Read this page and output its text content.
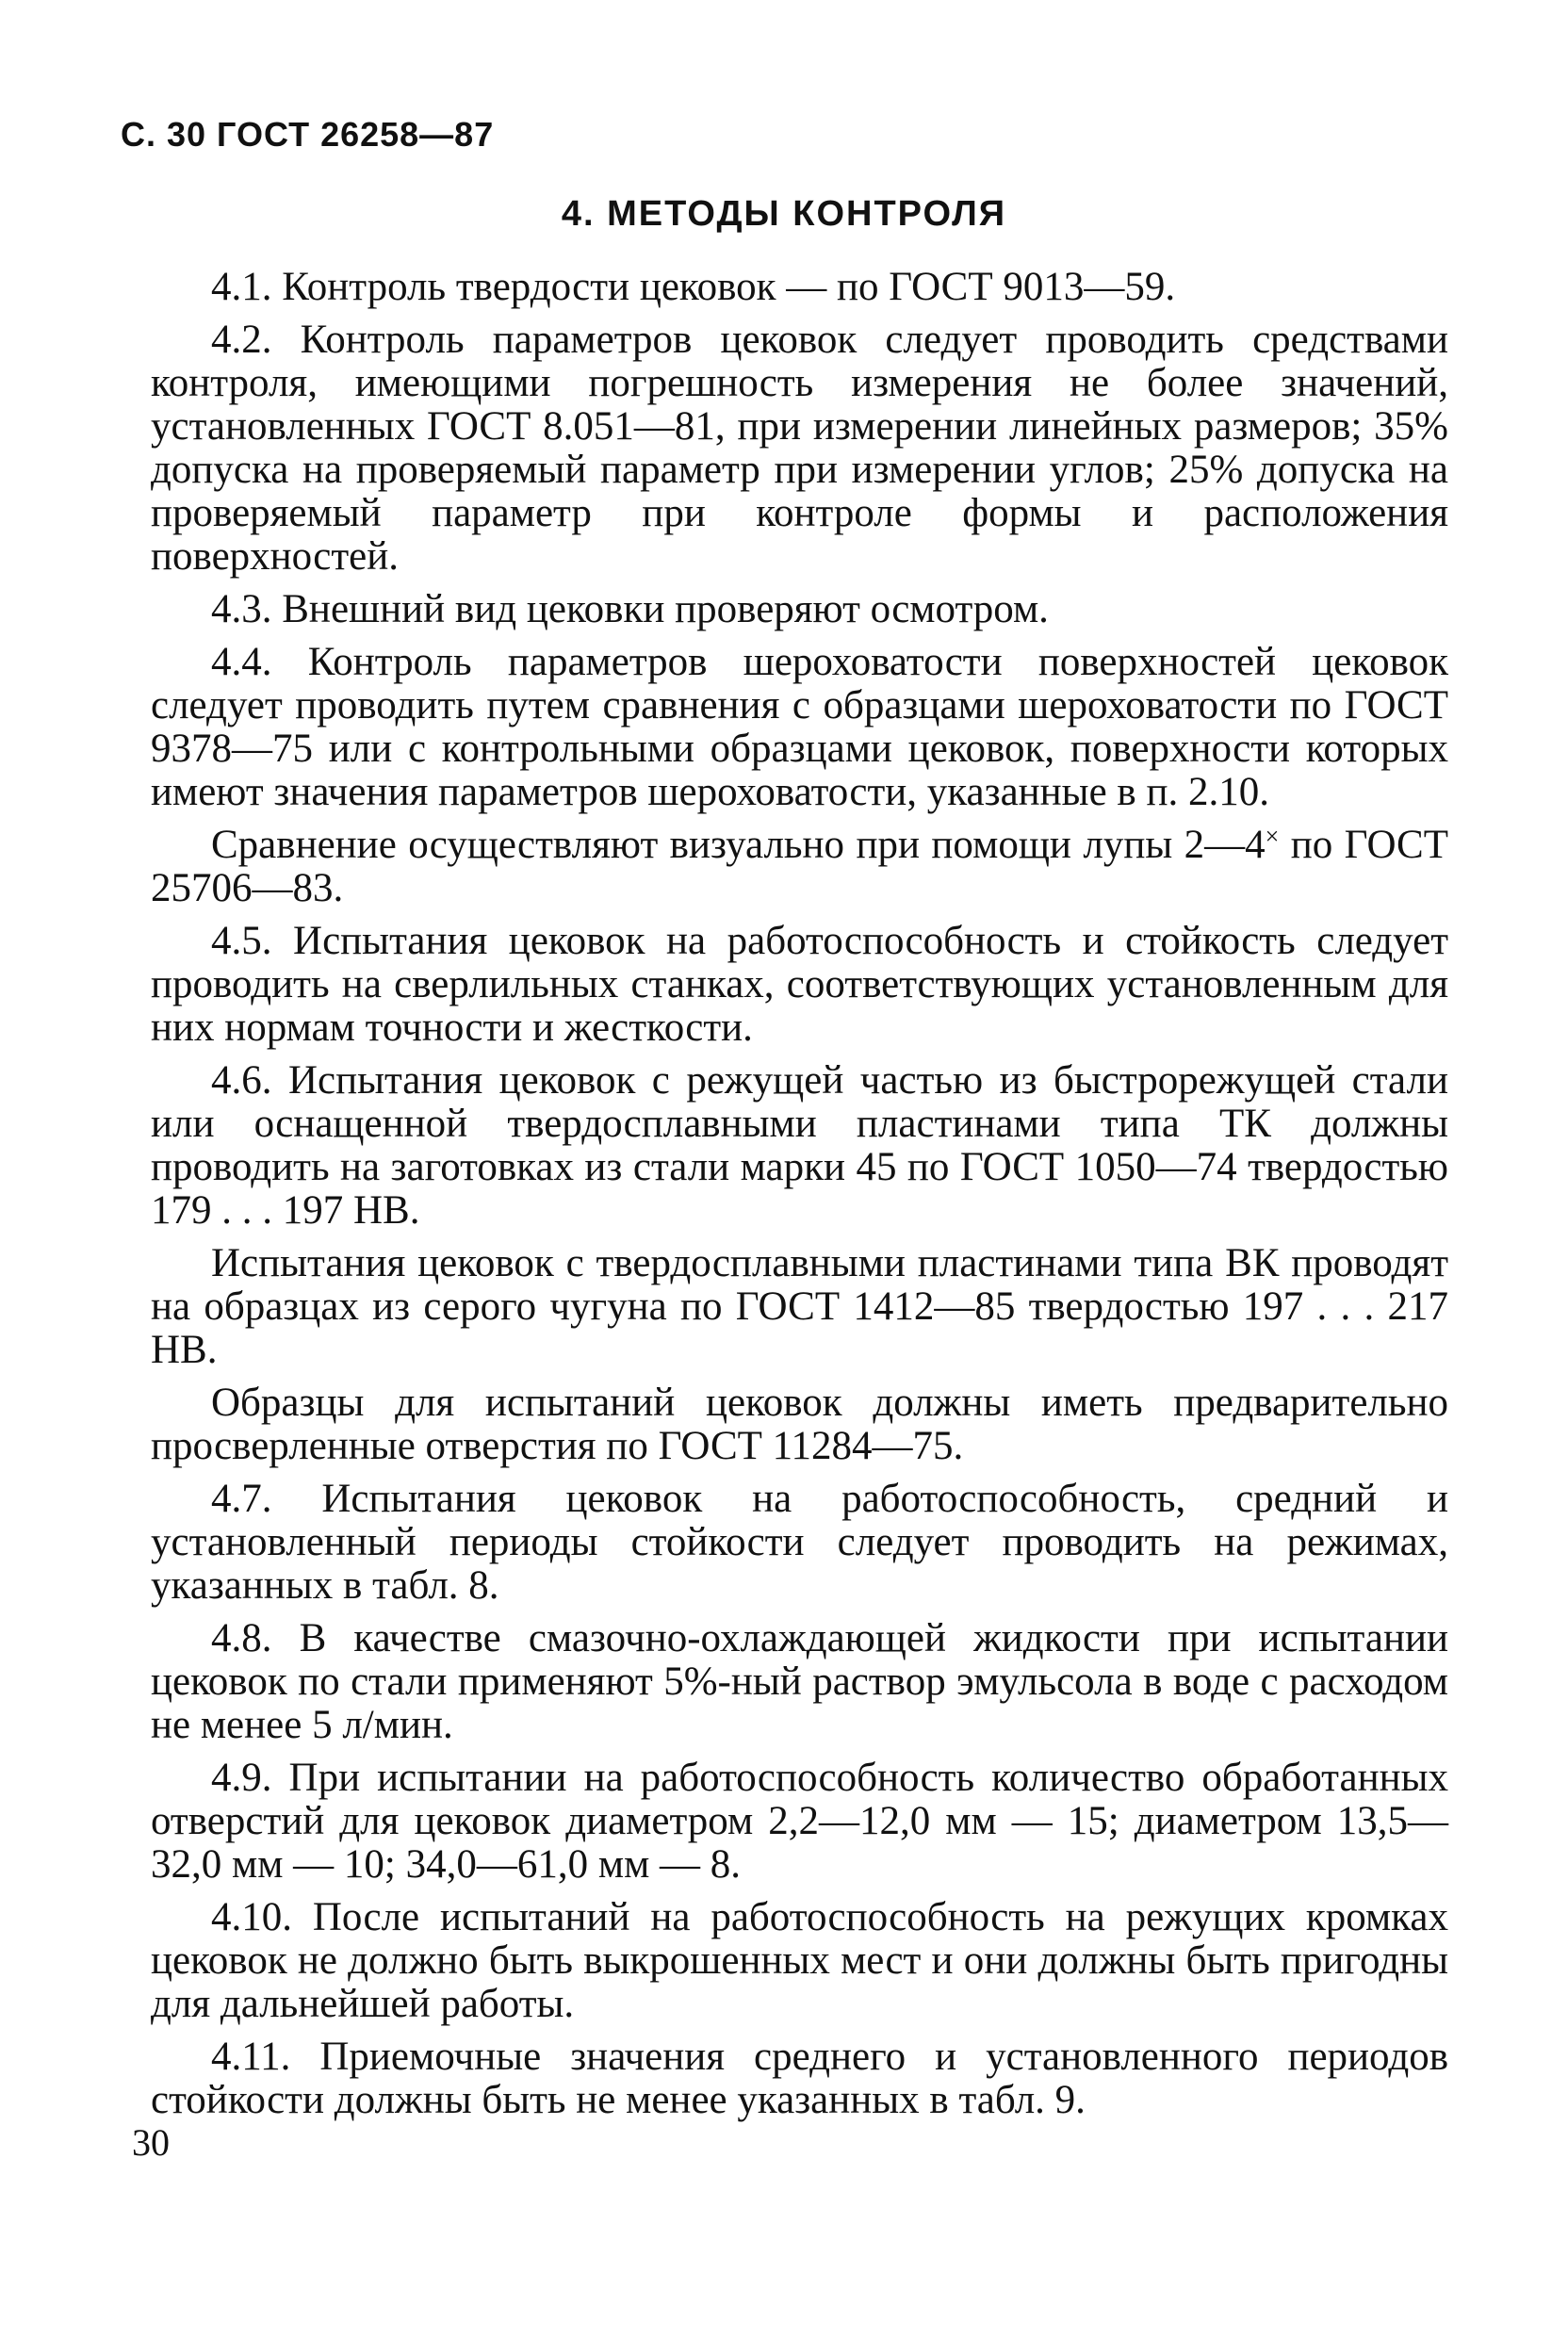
С. 30 ГОСТ 26258—87
4. МЕТОДЫ КОНТРОЛЯ

4.1. Контроль твердости цековок — по ГОСТ 9013—59.

4.2. Контроль параметров цековок следует проводить средствами контроля, имеющими погрешность измерения не более значений, установленных ГОСТ 8.051—81, при измерении линейных размеров; 35% допуска на проверяемый параметр при измерении углов; 25% допуска на проверяемый параметр при контроле формы и расположения поверхностей.

4.3. Внешний вид цековки проверяют осмотром.

4.4. Контроль параметров шероховатости поверхностей цековок следует проводить путем сравнения с образцами шероховатости по ГОСТ 9378—75 или с контрольными образцами цековок, поверхности которых имеют значения параметров шероховатости, указанные в п. 2.10.

Сравнение осуществляют визуально при помощи лупы 2—4× по ГОСТ 25706—83.

4.5. Испытания цековок на работоспособность и стойкость следует проводить на сверлильных станках, соответствующих установленным для них нормам точности и жесткости.

4.6. Испытания цековок с режущей частью из быстрорежущей стали или оснащенной твердосплавными пластинами типа ТК должны проводить на заготовках из стали марки 45 по ГОСТ 1050—74 твердостью 179 . . . 197 НВ.

Испытания цековок с твердосплавными пластинами типа ВК проводят на образцах из серого чугуна по ГОСТ 1412—85 твердостью 197 . . . 217 НВ.

Образцы для испытаний цековок должны иметь предварительно просверленные отверстия по ГОСТ 11284—75.

4.7. Испытания цековок на работоспособность, средний и установленный периоды стойкости следует проводить на режимах, указанных в табл. 8.

4.8. В качестве смазочно-охлаждающей жидкости при испытании цековок по стали применяют 5%-ный раствор эмульсола в воде с расходом не менее 5 л/мин.

4.9. При испытании на работоспособность количество обработанных отверстий для цековок диаметром 2,2—12,0 мм — 15; диаметром 13,5—32,0 мм — 10; 34,0—61,0 мм — 8.

4.10. После испытаний на работоспособность на режущих кромках цековок не должно быть выкрошенных мест и они должны быть пригодны для дальнейшей работы.

4.11. Приемочные значения среднего и установленного периодов стойкости должны быть не менее указанных в табл. 9.

30
